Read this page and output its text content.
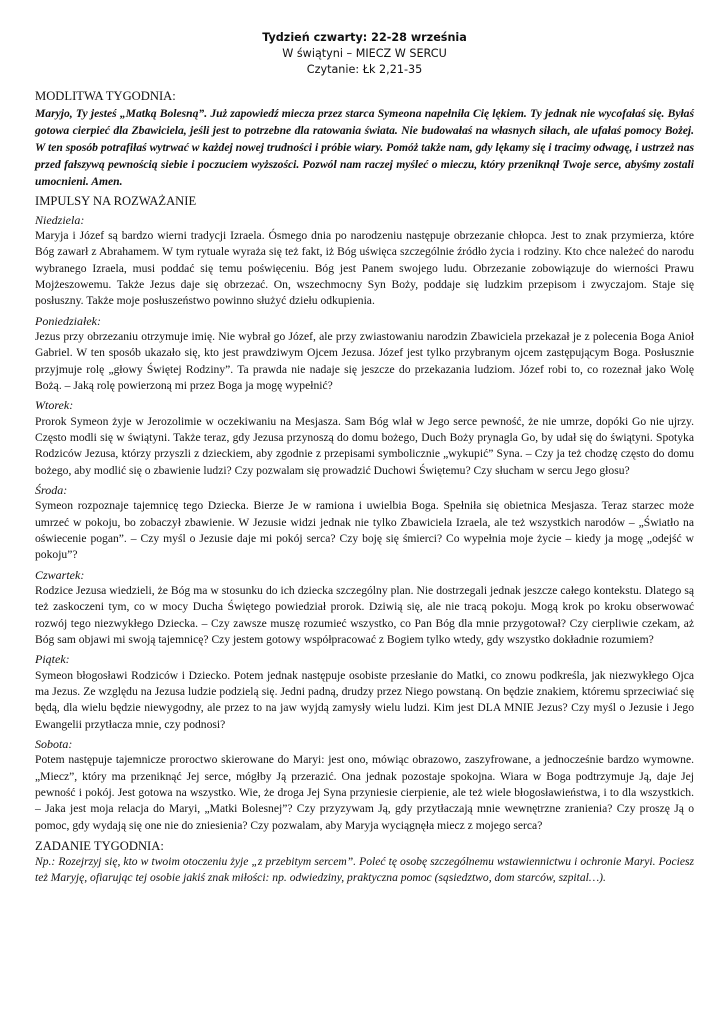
Tydzień czwarty: 22-28 września
W świątyni – MIECZ W SERCU
Czytanie: Łk 2,21-35

MODLITWA TYGODNIA:

Maryjo, Ty jesteś „Matką Bolesną”. Już zapowiedź miecza przez starca Symeona napełniła Cię lękiem. Ty jednak nie wycofałaś się. Byłaś gotowa cierpieć dla Zbawiciela, jeśli jest to potrzebne dla ratowania świata. Nie budowałaś na własnych siłach, ale ufałaś pomocy Bożej. W ten sposób potrafiłaś wytrwać w każdej nowej trudności i próbie wiary. Pomóż także nam, gdy lękamy się i tracimy odwagę, i ustrzeż nas przed fałszywą pewnością siebie i poczuciem wyższości. Pozwól nam raczej myśleć o mieczu, który przeniknął Twoje serce, abyśmy zostali umocnieni. Amen.

IMPULSY NA ROZWAŻANIE

Niedziela:

Maryja i Józef są bardzo wierni tradycji Izraela. Ósmego dnia po narodzeniu następuje obrzezanie chłopca. Jest to znak przymierza, które Bóg zawarł z Abrahamem. W tym rytuale wyraża się też fakt, iż Bóg uświęca szczególnie źródło życia i rodziny. Kto chce należeć do narodu wybranego Izraela, musi poddać się temu poświęceniu. Bóg jest Panem swojego ludu. Obrzezanie zobowiązuje do wierności Prawu Mojżeszowemu. Także Jezus daje się obrzezać. On, wszechmocny Syn Boży, poddaje się ludzkim przepisom i zwyczajom. Staje się posłuszny. Także moje posłuszeństwo powinno służyć dziełu odkupienia.

Poniedziałek:

Jezus przy obrzezaniu otrzymuje imię. Nie wybrał go Józef, ale przy zwiastowaniu narodzin Zbawiciela przekazał je z polecenia Boga Anioł Gabriel. W ten sposób ukazało się, kto jest prawdziwym Ojcem Jezusa. Józef jest tylko przybranym ojcem zastępującym Boga. Posłusznie przyjmuje rolę „głowy Świętej Rodziny”. Ta prawda nie nadaje się jeszcze do przekazania ludziom. Józef robi to, co rozeznał jako Wolę Bożą. – Jaką rolę powierzoną mi przez Boga ja mogę wypełnić?

Wtorek:

Prorok Symeon żyje w Jerozolimie w oczekiwaniu na Mesjasza. Sam Bóg wlał w Jego serce pewność, że nie umrze, dopóki Go nie ujrzy. Często modli się w świątyni. Także teraz, gdy Jezusa przynoszą do domu bożego, Duch Boży prynagla Go, by udał się do świątyni. Spotyka Rodziców Jezusa, którzy przyszli z dzieckiem, aby zgodnie z przepisami symbolicznie „wykupić” Syna. – Czy ja też chodzę często do domu bożego, aby modlić się o zbawienie ludzi? Czy pozwalam się prowadzić Duchowi Świętemu? Czy słucham w sercu Jego głosu?

Środa:

Symeon rozpoznaje tajemnicę tego Dziecka. Bierze Je w ramiona i uwielbia Boga. Spełniła się obietnica Mesjasza. Teraz starzec może umrzeć w pokoju, bo zobaczył zbawienie. W Jezusie widzi jednak nie tylko Zbawiciela Izraela, ale też wszystkich narodów – „Światło na oświecenie pogan”. – Czy myśl o Jezusie daje mi pokój serca? Czy boję się śmierci? Co wypełnia moje życie – kiedy ja mogę „odejść w pokoju”?

Czwartek:

Rodzice Jezusa wiedzieli, że Bóg ma w stosunku do ich dziecka szczególny plan. Nie dostrzegali jednak jeszcze całego kontekstu. Dlatego są też zaskoczeni tym, co w mocy Ducha Świętego powiedział prorok. Dziwią się, ale nie tracą pokoju. Mogą krok po kroku obserwować rozwój tego niezwykłego Dziecka. – Czy zawsze muszę rozumieć wszystko, co Pan Bóg dla mnie przygotował? Czy cierpliwie czekam, aż Bóg sam objawi mi swoją tajemnicę? Czy jestem gotowy współpracować z Bogiem tylko wtedy, gdy wszystko dokładnie rozumiem?

Piątek:

Symeon błogosławi Rodziców i Dziecko. Potem jednak następuje osobiste przesłanie do Matki, co znowu podkreśla, jak niezwykłego Ojca ma Jezus. Ze względu na Jezusa ludzie podzielą się. Jedni padną, drudzy przez Niego powstaną. On będzie znakiem, któremu sprzeciwiać się będą, dla wielu będzie niewygodny, ale przez to na jaw wyjdą zamysły wielu ludzi. Kim jest DLA MNIE Jezus? Czy myśl o Jezusie i Jego Ewangelii przytłacza mnie, czy podnosi?

Sobota:

Potem następuje tajemnicze proroctwo skierowane do Maryi: jest ono, mówiąc obrazowo, zaszyfrowane, a jednocześnie bardzo wymowne. „Miecz”, który ma przeniknąć Jej serce, mógłby Ją przerazić. Ona jednak pozostaje spokojna. Wiara w Boga podtrzymuje Ją, daje Jej pewność i pokój. Jest gotowa na wszystko. Wie, że droga Jej Syna przyniesie cierpienie, ale też wiele błogosławieństwa, i to dla wszystkich. – Jaka jest moja relacja do Maryi, „Matki Bolesnej”? Czy przyzywam Ją, gdy przytłaczają mnie wewnętrzne zranienia? Czy proszę Ją o pomoc, gdy wydają się one nie do zniesienia? Czy pozwalam, aby Maryja wyciągnęła miecz z mojego serca?

ZADANIE TYGODNIA:

Np.: Rozejrzyj się, kto w twoim otoczeniu żyje „z przebitym sercem”. Poleć tę osobę szczególnemu wstawiennictwu i ochronie Maryi. Pociesz też Maryję, ofiarując tej osobie jakiś znak miłości: np. odwiedziny, praktyczna pomoc (sąsiedztwo, dom starców, szpital…).
